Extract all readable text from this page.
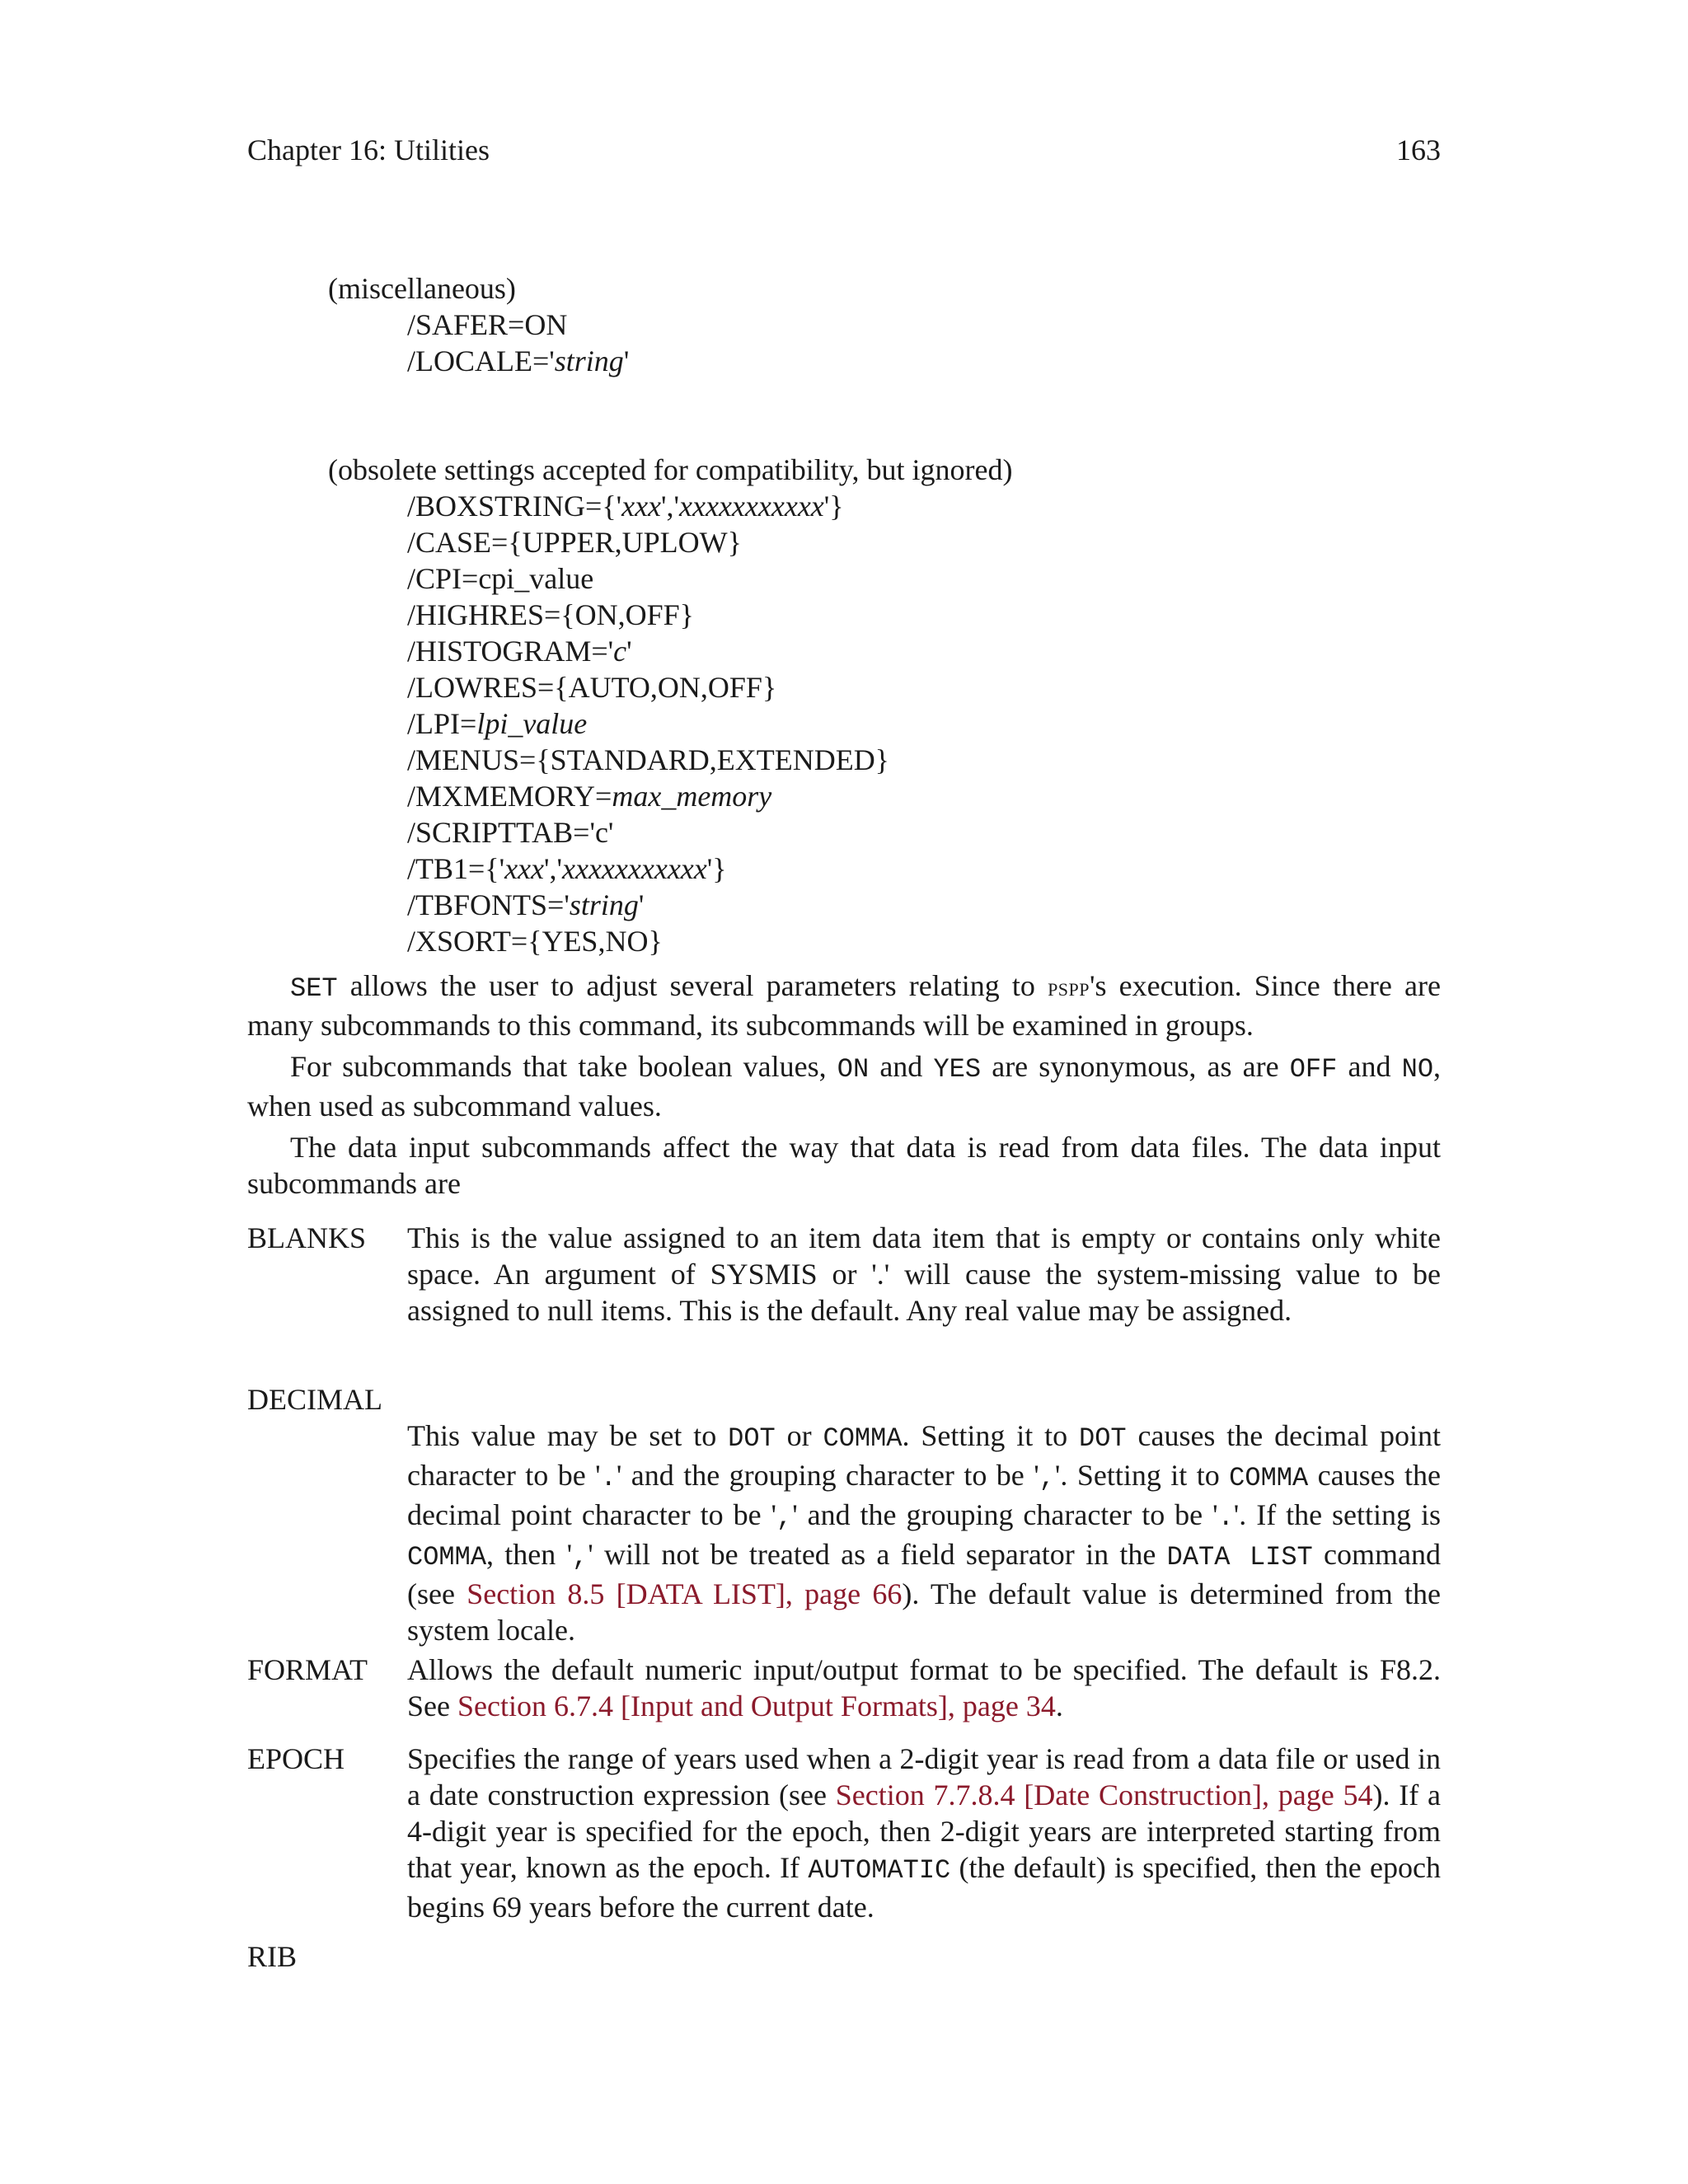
Chapter 16: Utilities	163
(miscellaneous)
/SAFER=ON
/LOCALE='string'
(obsolete settings accepted for compatibility, but ignored)
/BOXSTRING={'xxx','xxxxxxxxxxx'}
/CASE={UPPER,UPLOW}
/CPI=cpi_value
/HIGHRES={ON,OFF}
/HISTOGRAM='c'
/LOWRES={AUTO,ON,OFF}
/LPI=lpi_value
/MENUS={STANDARD,EXTENDED}
/MXMEMORY=max_memory
/SCRIPTTAB='c'
/TB1={'xxx','xxxxxxxxxxx'}
/TBFONTS='string'
/XSORT={YES,NO}

SET allows the user to adjust several parameters relating to pspp's execution. Since there are many subcommands to this command, its subcommands will be examined in groups.

For subcommands that take boolean values, ON and YES are synonymous, as are OFF and NO, when used as subcommand values.

The data input subcommands affect the way that data is read from data files. The data input subcommands are

BLANKS This is the value assigned to an item data item that is empty or contains only white space. An argument of SYSMIS or '.' will cause the system-missing value to be assigned to null items. This is the default. Any real value may be assigned.
DECIMAL
This value may be set to DOT or COMMA. Setting it to DOT causes the decimal point character to be '.' and the grouping character to be ','. Setting it to COMMA causes the decimal point character to be ',' and the grouping character to be '.'. If the setting is COMMA, then ',' will not be treated as a field separator in the DATA LIST command (see Section 8.5 [DATA LIST], page 66). The default value is determined from the system locale.
FORMAT Allows the default numeric input/output format to be specified. The default is F8.2. See Section 6.7.4 [Input and Output Formats], page 34.
EPOCH Specifies the range of years used when a 2-digit year is read from a data file or used in a date construction expression (see Section 7.7.8.4 [Date Construction], page 54). If a 4-digit year is specified for the epoch, then 2-digit years are interpreted starting from that year, known as the epoch. If AUTOMATIC (the default) is specified, then the epoch begins 69 years before the current date.
RIB
